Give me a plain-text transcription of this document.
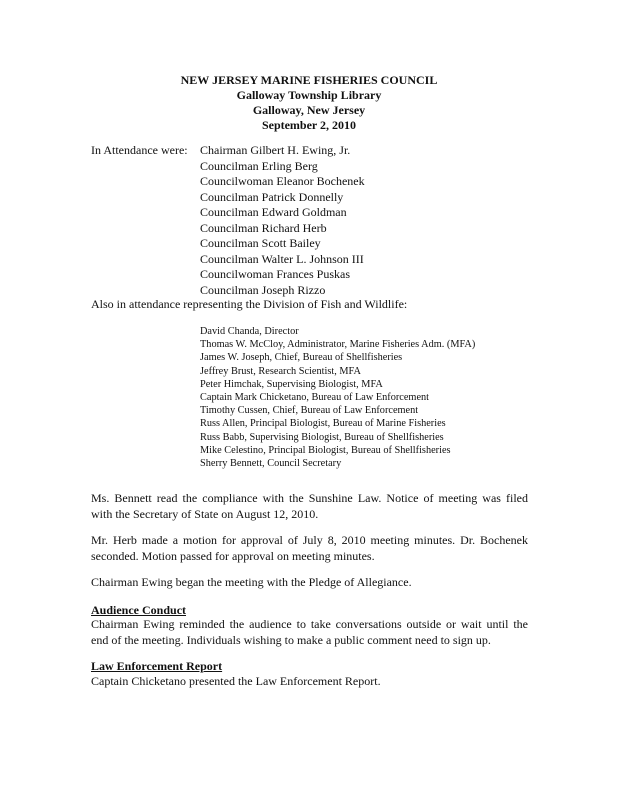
NEW JERSEY MARINE FISHERIES COUNCIL
Galloway Township Library
Galloway, New Jersey
September 2, 2010
In Attendance were: Chairman Gilbert H. Ewing, Jr.
Councilman Erling Berg
Councilwoman Eleanor Bochenek
Councilman Patrick Donnelly
Councilman Edward Goldman
Councilman Richard Herb
Councilman Scott Bailey
Councilman Walter L. Johnson III
Councilwoman Frances Puskas
Councilman Joseph Rizzo
Also in attendance representing the Division of Fish and Wildlife:
David Chanda, Director
Thomas W. McCloy, Administrator, Marine Fisheries Adm. (MFA)
James W. Joseph, Chief, Bureau of Shellfisheries
Jeffrey Brust, Research Scientist, MFA
Peter Himchak, Supervising Biologist, MFA
Captain Mark Chicketano, Bureau of Law Enforcement
Timothy Cussen, Chief, Bureau of Law Enforcement
Russ Allen, Principal Biologist, Bureau of Marine Fisheries
Russ Babb, Supervising Biologist, Bureau of Shellfisheries
Mike Celestino, Principal Biologist, Bureau of Shellfisheries
Sherry Bennett, Council Secretary
Ms. Bennett read the compliance with the Sunshine Law. Notice of meeting was filed
with the Secretary of State on August 12, 2010.
Mr. Herb made a motion for approval of July 8, 2010 meeting minutes. Dr. Bochenek
seconded. Motion passed for approval on meeting minutes.
Chairman Ewing began the meeting with the Pledge of Allegiance.
Audience Conduct
Chairman Ewing reminded the audience to take conversations outside or wait until the
end of the meeting. Individuals wishing to make a public comment need to sign up.
Law Enforcement Report
Captain Chicketano presented the Law Enforcement Report.
